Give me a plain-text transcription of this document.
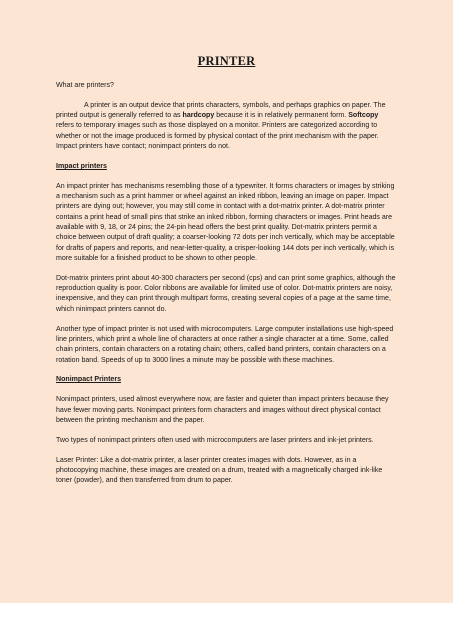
PRINTER

What are printers?

A printer is an output device that prints characters, symbols, and perhaps graphics on paper. The printed output is generally referred to as hardcopy because it is in relatively permanent form. Softcopy refers to temporary images such as those displayed on a monitor. Printers are categorized according to whether or not the image produced is formed by physical contact of the print mechanism with the paper. Impact printers have contact; nonimpact printers do not.

Impact printers

An impact printer has mechanisms resembling those of a typewriter. It forms characters or images by striking a mechanism such as a print hammer or wheel against an inked ribbon, leaving an image on paper. Impact printers are dying out; however, you may still come in contact with a dot-matrix printer. A dot-matrix printer contains a print head of small pins that strike an inked ribbon, forming characters or images. Print heads are available with 9, 18, or 24 pins; the 24-pin head offers the best print quality. Dot-matrix printers permit a choice between output of draft quality; a coarser-looking 72 dots per inch vertically, which may be acceptable for drafts of papers and reports, and near-letter-quality, a crisper-looking 144 dots per inch vertically, which is more suitable for a finished product to be shown to other people.

Dot-matrix printers print about 40-300 characters per second (cps) and can print some graphics, although the reproduction quality is poor. Color ribbons are available for limited use of color. Dot-matrix printers are noisy, inexpensive, and they can print through multipart forms, creating several copies of a page at the same time, which ninimpact printers cannot do.

Another type of impact printer is not used with microcomputers. Large computer installations use high-speed line printers, which print a whole line of characters at once rather a single character at a time. Some, called chain printers, contain characters on a rotating chain; others, called band printers, contain characters on a rotation band. Speeds of up to 3000 lines a minute may be possible with these machines.

Nonimpact Printers

Nonimpact printers, used almost everywhere now, are faster and quieter than impact printers because they have fewer moving parts. Nonimpact printers form characters and images without direct physical contact between the printing mechanism and the paper.

Two types of nonimpact printers often used with microcomputers are laser printers and ink-jet printers.

Laser Printer: Like a dot-matrix printer, a laser printer creates images with dots. However, as in a photocopying machine, these images are created on a drum, treated with a magnetically charged ink-like toner (powder), and then transferred from drum to paper.
